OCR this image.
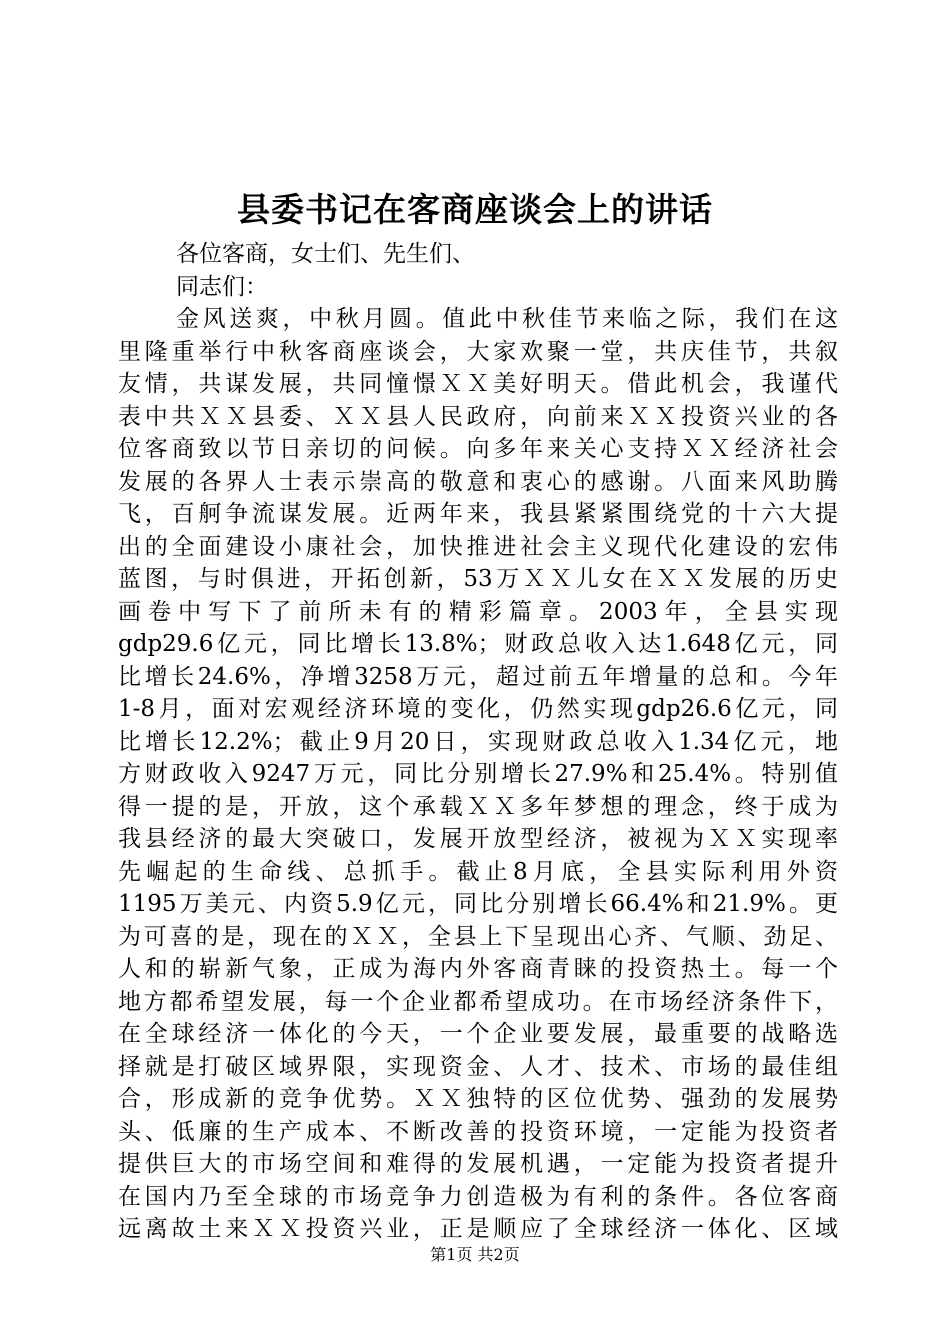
县委书记在客商座谈会上的讲话

各位客商，女士们、先生们、

同志们：

金风送爽，中秋月圆。值此中秋佳节来临之际，我们在这

里隆重举行中秋客商座谈会，大家欢聚一堂，共庆佳节，共叙

友情，共谋发展，共同憧憬ＸＸ美好明天。借此机会，我谨代

表中共ＸＸ县委、ＸＸ县人民政府，向前来ＸＸ投资兴业的各

位客商致以节日亲切的问候。向多年来关心支持ＸＸ经济社会

发展的各界人士表示崇高的敬意和衷心的感谢。八面来风助腾

飞，百舸争流谋发展。近两年来，我县紧紧围绕党的十六大提

出的全面建设小康社会，加快推进社会主义现代化建设的宏伟

蓝图，与时俱进，开拓创新，53万ＸＸ儿女在ＸＸ发展的历史

画卷中写下了前所未有的精彩篇章。2003年，全县实现

gdp29.6亿元，同比增长13.8%；财政总收入达1.648亿元，同

比增长24.6%，净增3258万元，超过前五年增量的总和。今年

1-8月，面对宏观经济环境的变化，仍然实现gdp26.6亿元，同

比增长12.2%；截止9月20日，实现财政总收入1.34亿元，地

方财政收入9247万元，同比分别增长27.9%和25.4%。特别值

得一提的是，开放，这个承载ＸＸ多年梦想的理念，终于成为

我县经济的最大突破口，发展开放型经济，被视为ＸＸ实现率

先崛起的生命线、总抓手。截止8月底，全县实际利用外资

1195万美元、内资5.9亿元，同比分别增长66.4%和21.9%。更

为可喜的是，现在的ＸＸ，全县上下呈现出心齐、气顺、劲足、

人和的崭新气象，正成为海内外客商青睐的投资热土。每一个

地方都希望发展，每一个企业都希望成功。在市场经济条件下，

在全球经济一体化的今天，一个企业要发展，最重要的战略选

择就是打破区域界限，实现资金、人才、技术、市场的最佳组

合，形成新的竞争优势。ＸＸ独特的区位优势、强劲的发展势

头、低廉的生产成本、不断改善的投资环境，一定能为投资者

提供巨大的市场空间和难得的发展机遇，一定能为投资者提升

在国内乃至全球的市场竞争力创造极为有利的条件。各位客商

远离故土来ＸＸ投资兴业，正是顺应了全球经济一体化、区域

第1页 共2页
